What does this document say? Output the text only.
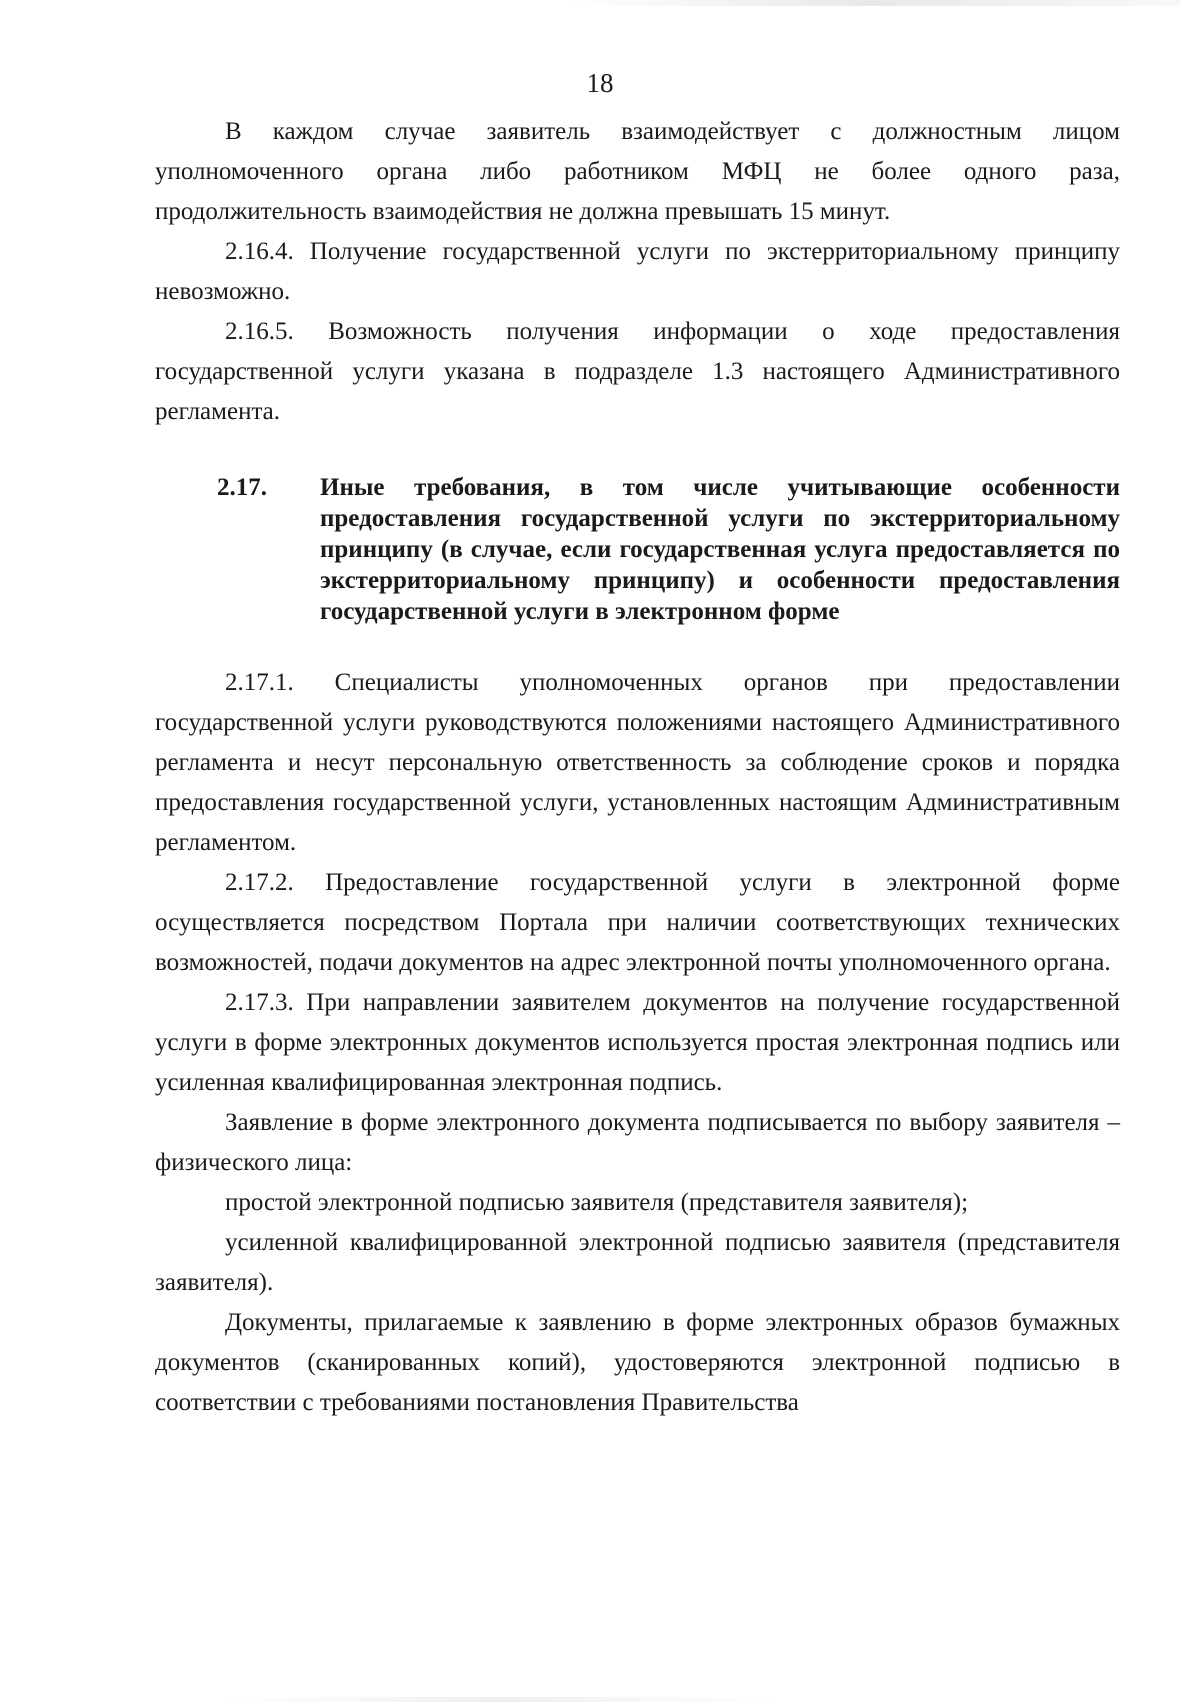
18

В каждом случае заявитель взаимодействует с должностным лицом уполномоченного органа либо работником МФЦ не более одного раза, продолжительность взаимодействия не должна превышать 15 минут.

2.16.4. Получение государственной услуги по экстерриториальному принципу невозможно.

2.16.5. Возможность получения информации о ходе предоставления государственной услуги указана в подразделе 1.3 настоящего Административного регламента.

2.17.	Иные требования, в том числе учитывающие особенности предоставления государственной услуги по экстерриториальному принципу (в случае, если государственная услуга предоставляется по экстерриториальному принципу) и особенности предоставления государственной услуги в электронном форме

2.17.1. Специалисты уполномоченных органов при предоставлении государственной услуги руководствуются положениями настоящего Административного регламента и несут персональную ответственность за соблюдение сроков и порядка предоставления государственной услуги, установленных настоящим Административным регламентом.

2.17.2. Предоставление государственной услуги в электронной форме осуществляется посредством Портала при наличии соответствующих технических возможностей, подачи документов на адрес электронной почты уполномоченного органа.

2.17.3. При направлении заявителем документов на получение государственной услуги в форме электронных документов используется простая электронная подпись или усиленная квалифицированная электронная подпись.

Заявление в форме электронного документа подписывается по выбору заявителя – физического лица:

простой электронной подписью заявителя (представителя заявителя);

усиленной квалифицированной электронной подписью заявителя (представителя заявителя).

Документы, прилагаемые к заявлению в форме электронных образов бумажных документов (сканированных копий), удостоверяются электронной подписью в соответствии с требованиями постановления Правительства
